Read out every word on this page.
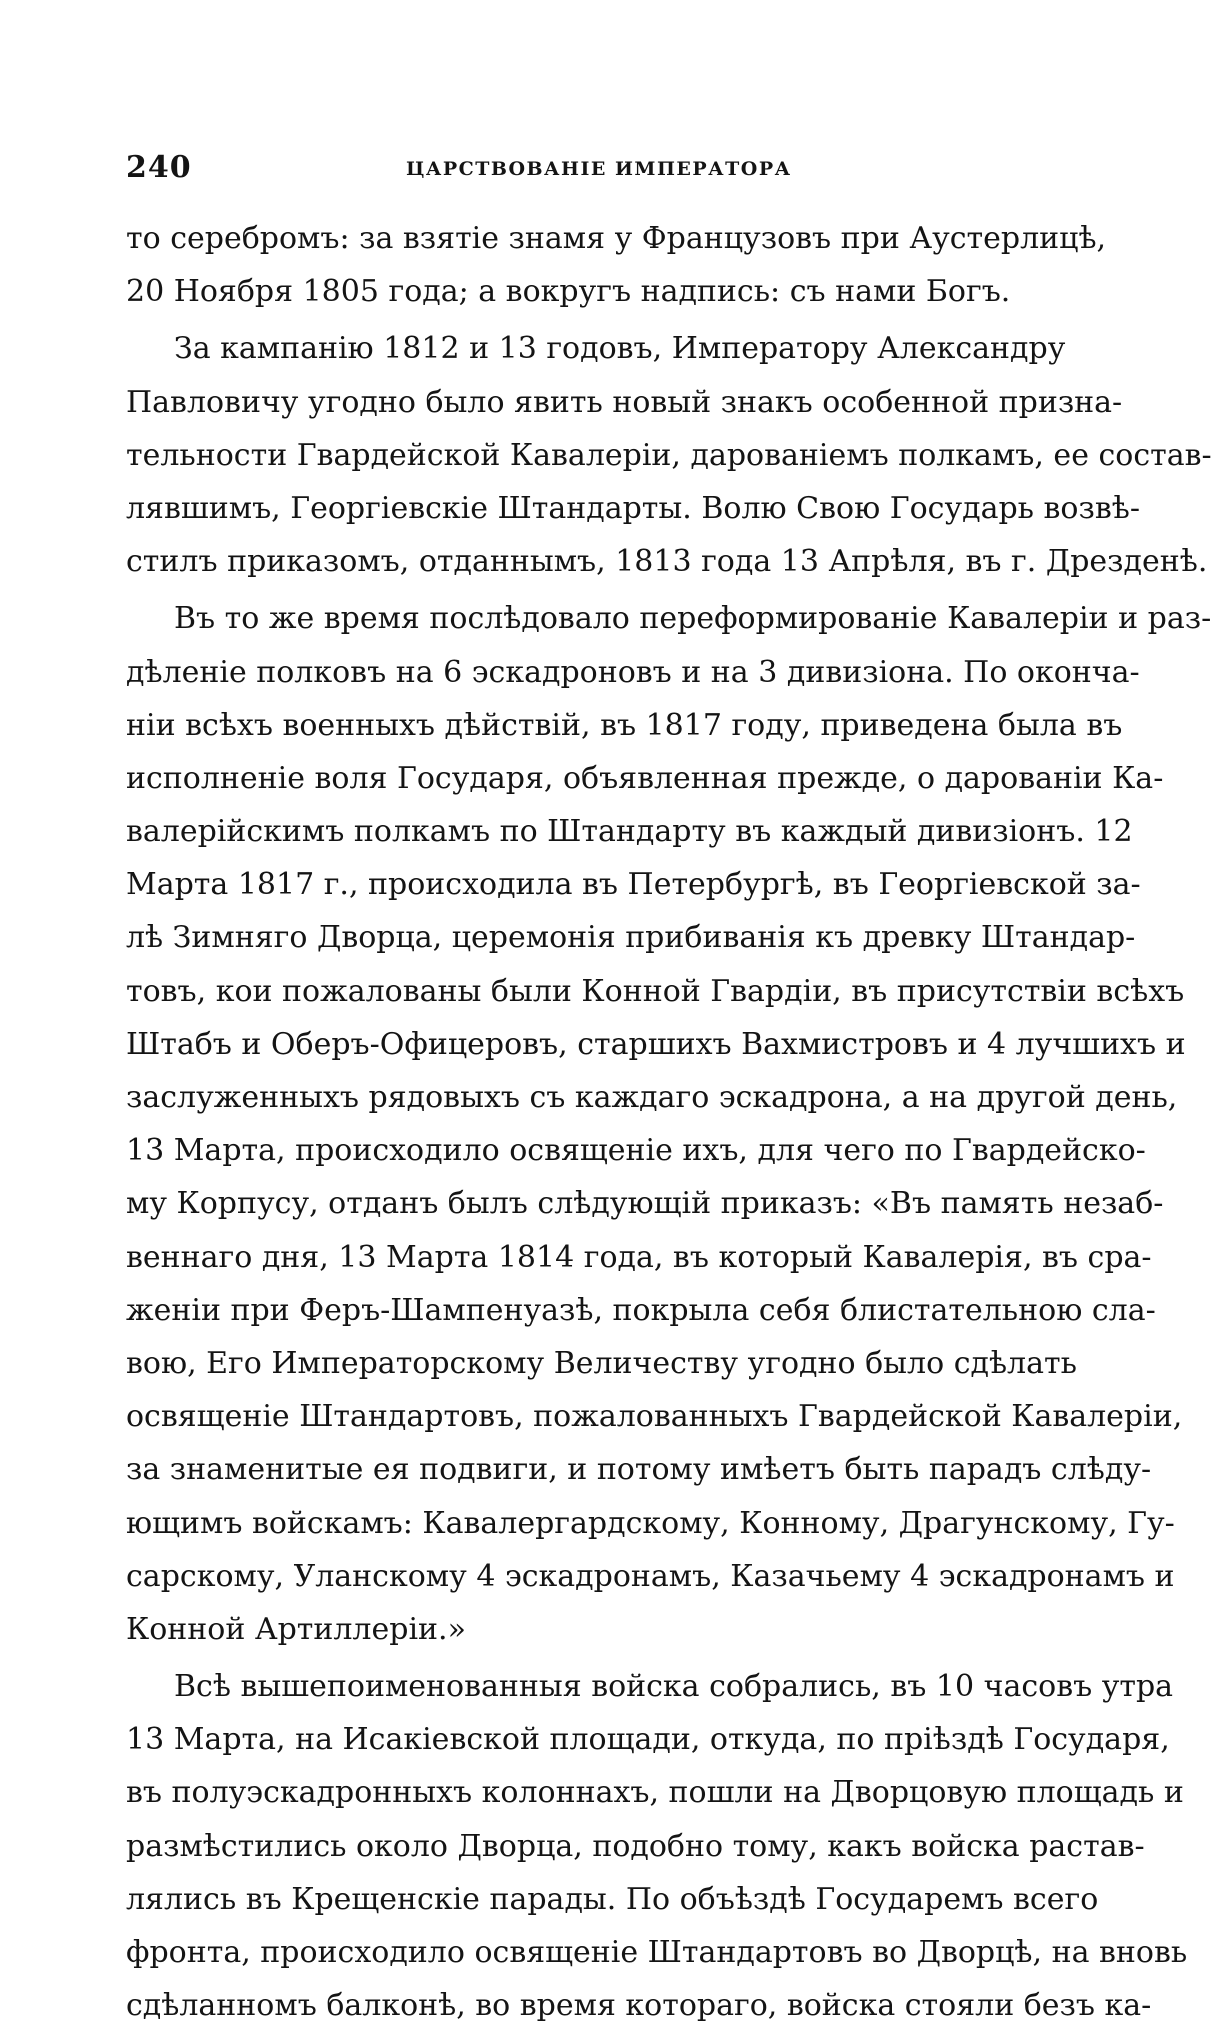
240	ЦАРСТВОВАНІЕ ИМПЕРАТОРА
то серебромъ: за взятіе знамя у Французовъ при Аустерлицѣ,
20 Ноября 1805 года; а вокругъ надпись: съ нами Богъ.
За кампанію 1812 и 13 годовъ, Императору Александру
Павловичу угодно было явить новый знакъ особенной призна-
тельности Гвардейской Кавалеріи, дарованіемъ полкамъ, ее состав-
лявшимъ, Георгіевскіе Штандарты. Волю Свою Государь возвѣ-
стилъ приказомъ, отданнымъ, 1813 года 13 Апрѣля, въ г. Дрезденѣ.
Въ то же время послѣдовало переформированіе Кавалеріи и раз-
дѣленіе полковъ на 6 эскадроновъ и на 3 дивизіона. По оконча-
ніи всѣхъ военныхъ дѣйствій, въ 1817 году, приведена была въ
исполненіе воля Государя, объявленная прежде, о дарованіи Ка-
валерійскимъ полкамъ по Штандарту въ каждый дивизіонъ. 12
Марта 1817 г., происходила въ Петербургѣ, въ Георгіевской за-
лѣ Зимняго Дворца, церемонія прибиванія къ древку Штандар-
товъ, кои пожалованы были Конной Гвардіи, въ присутствіи всѣхъ
Штабъ и Оберъ-Офицеровъ, старшихъ Вахмистровъ и 4 лучшихъ и
заслуженныхъ рядовыхъ съ каждаго эскадрона, а на другой день,
13 Марта, происходило освященіе ихъ, для чего по Гвардейско-
му Корпусу, отданъ былъ слѣдующій приказъ: «Въ память незаб-
веннаго дня, 13 Марта 1814 года, въ который Кавалерія, въ сра-
женіи при Феръ-Шампенуазѣ, покрыла себя блистательною сла-
вою, Его Императорскому Величеству угодно было сдѣлать
освященіе Штандартовъ, пожалованныхъ Гвардейской Кавалеріи,
за знаменитые ея подвиги, и потому имѣетъ быть парадъ слѣду-
ющимъ войскамъ: Кавалергардскому, Конному, Драгунскому, Гу-
сарскому, Уланскому 4 эскадронамъ, Казачьему 4 эскадронамъ и
Конной Артиллеріи.»
Всѣ вышепоименованныя войска собрались, въ 10 часовъ утра
13 Марта, на Исакіевской площади, откуда, по пріѣздѣ Государя,
въ полуэскадронныхъ колоннахъ, пошли на Дворцовую площадь и
размѣстились около Дворца, подобно тому, какъ войска растав-
лялись въ Крещенскіе парады. По объѣздѣ Государемъ всего
фронта, происходило освященіе Штандартовъ во Дворцѣ, на вновь
сдѣланномъ балконѣ, во время котораго, войска стояли безъ ка-
